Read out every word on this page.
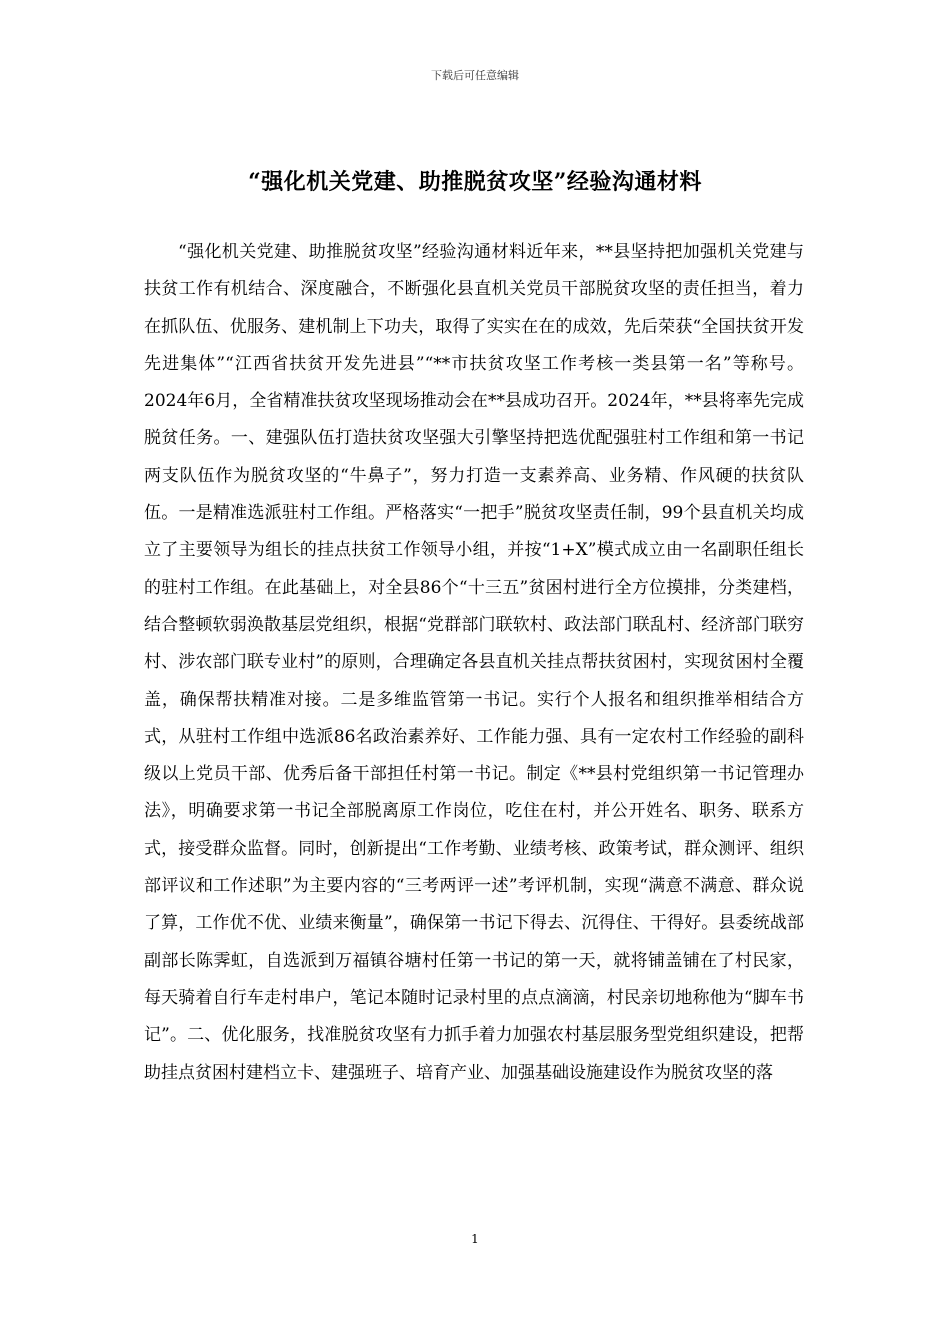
下载后可任意编辑
“强化机关党建、助推脱贫攻坚”经验沟通材料

“强化机关党建、助推脱贫攻坚”经验沟通材料近年来，**县坚持把加强机关党建与扶贫工作有机结合、深度融合，不断强化县直机关党员干部脱贫攻坚的责任担当，着力在抓队伍、优服务、建机制上下功夫，取得了实实在在的成效，先后荣获“全国扶贫开发先进集体”“江西省扶贫开发先进县”“**市扶贫攻坚工作考核一类县第一名”等称号。2024年6月，全省精准扶贫攻坚现场推动会在**县成功召开。2024年，**县将率先完成脱贫任务。一、建强队伍打造扶贫攻坚强大引擎坚持把选优配强驻村工作组和第一书记两支队伍作为脱贫攻坚的“牛鼻子”，努力打造一支素养高、业务精、作风硬的扶贫队伍。一是精准选派驻村工作组。严格落实“一把手”脱贫攻坚责任制，99个县直机关均成立了主要领导为组长的挂点扶贫工作领导小组，并按“1+X”模式成立由一名副职任组长的驻村工作组。在此基础上，对全县86个“十三五”贫困村进行全方位摸排，分类建档，结合整顿软弱涣散基层党组织，根据“党群部门联软村、政法部门联乱村、经济部门联穷村、涉农部门联专业村”的原则，合理确定各县直机关挂点帮扶贫困村，实现贫困村全覆盖，确保帮扶精准对接。二是多维监管第一书记。实行个人报名和组织推举相结合方式，从驻村工作组中选派86名政治素养好、工作能力强、具有一定农村工作经验的副科级以上党员干部、优秀后备干部担任村第一书记。制定《**县村党组织第一书记管理办法》，明确要求第一书记全部脱离原工作岗位，吃住在村，并公开姓名、职务、联系方式，接受群众监督。同时，创新提出“工作考勤、业绩考核、政策考试，群众测评、组织部评议和工作述职”为主要内容的“三考两评一述”考评机制，实现“满意不满意、群众说了算，工作优不优、业绩来衡量”，确保第一书记下得去、沉得住、干得好。县委统战部副部长陈霁虹，自选派到万福镇谷塘村任第一书记的第一天，就将铺盖铺在了村民家，每天骑着自行车走村串户，笔记本随时记录村里的点点滴滴，村民亲切地称他为“脚车书记”。二、优化服务，找准脱贫攻坚有力抓手着力加强农村基层服务型党组织建设，把帮助挂点贫困村建档立卡、建强班子、培育产业、加强基础设施建设作为脱贫攻坚的落

1
